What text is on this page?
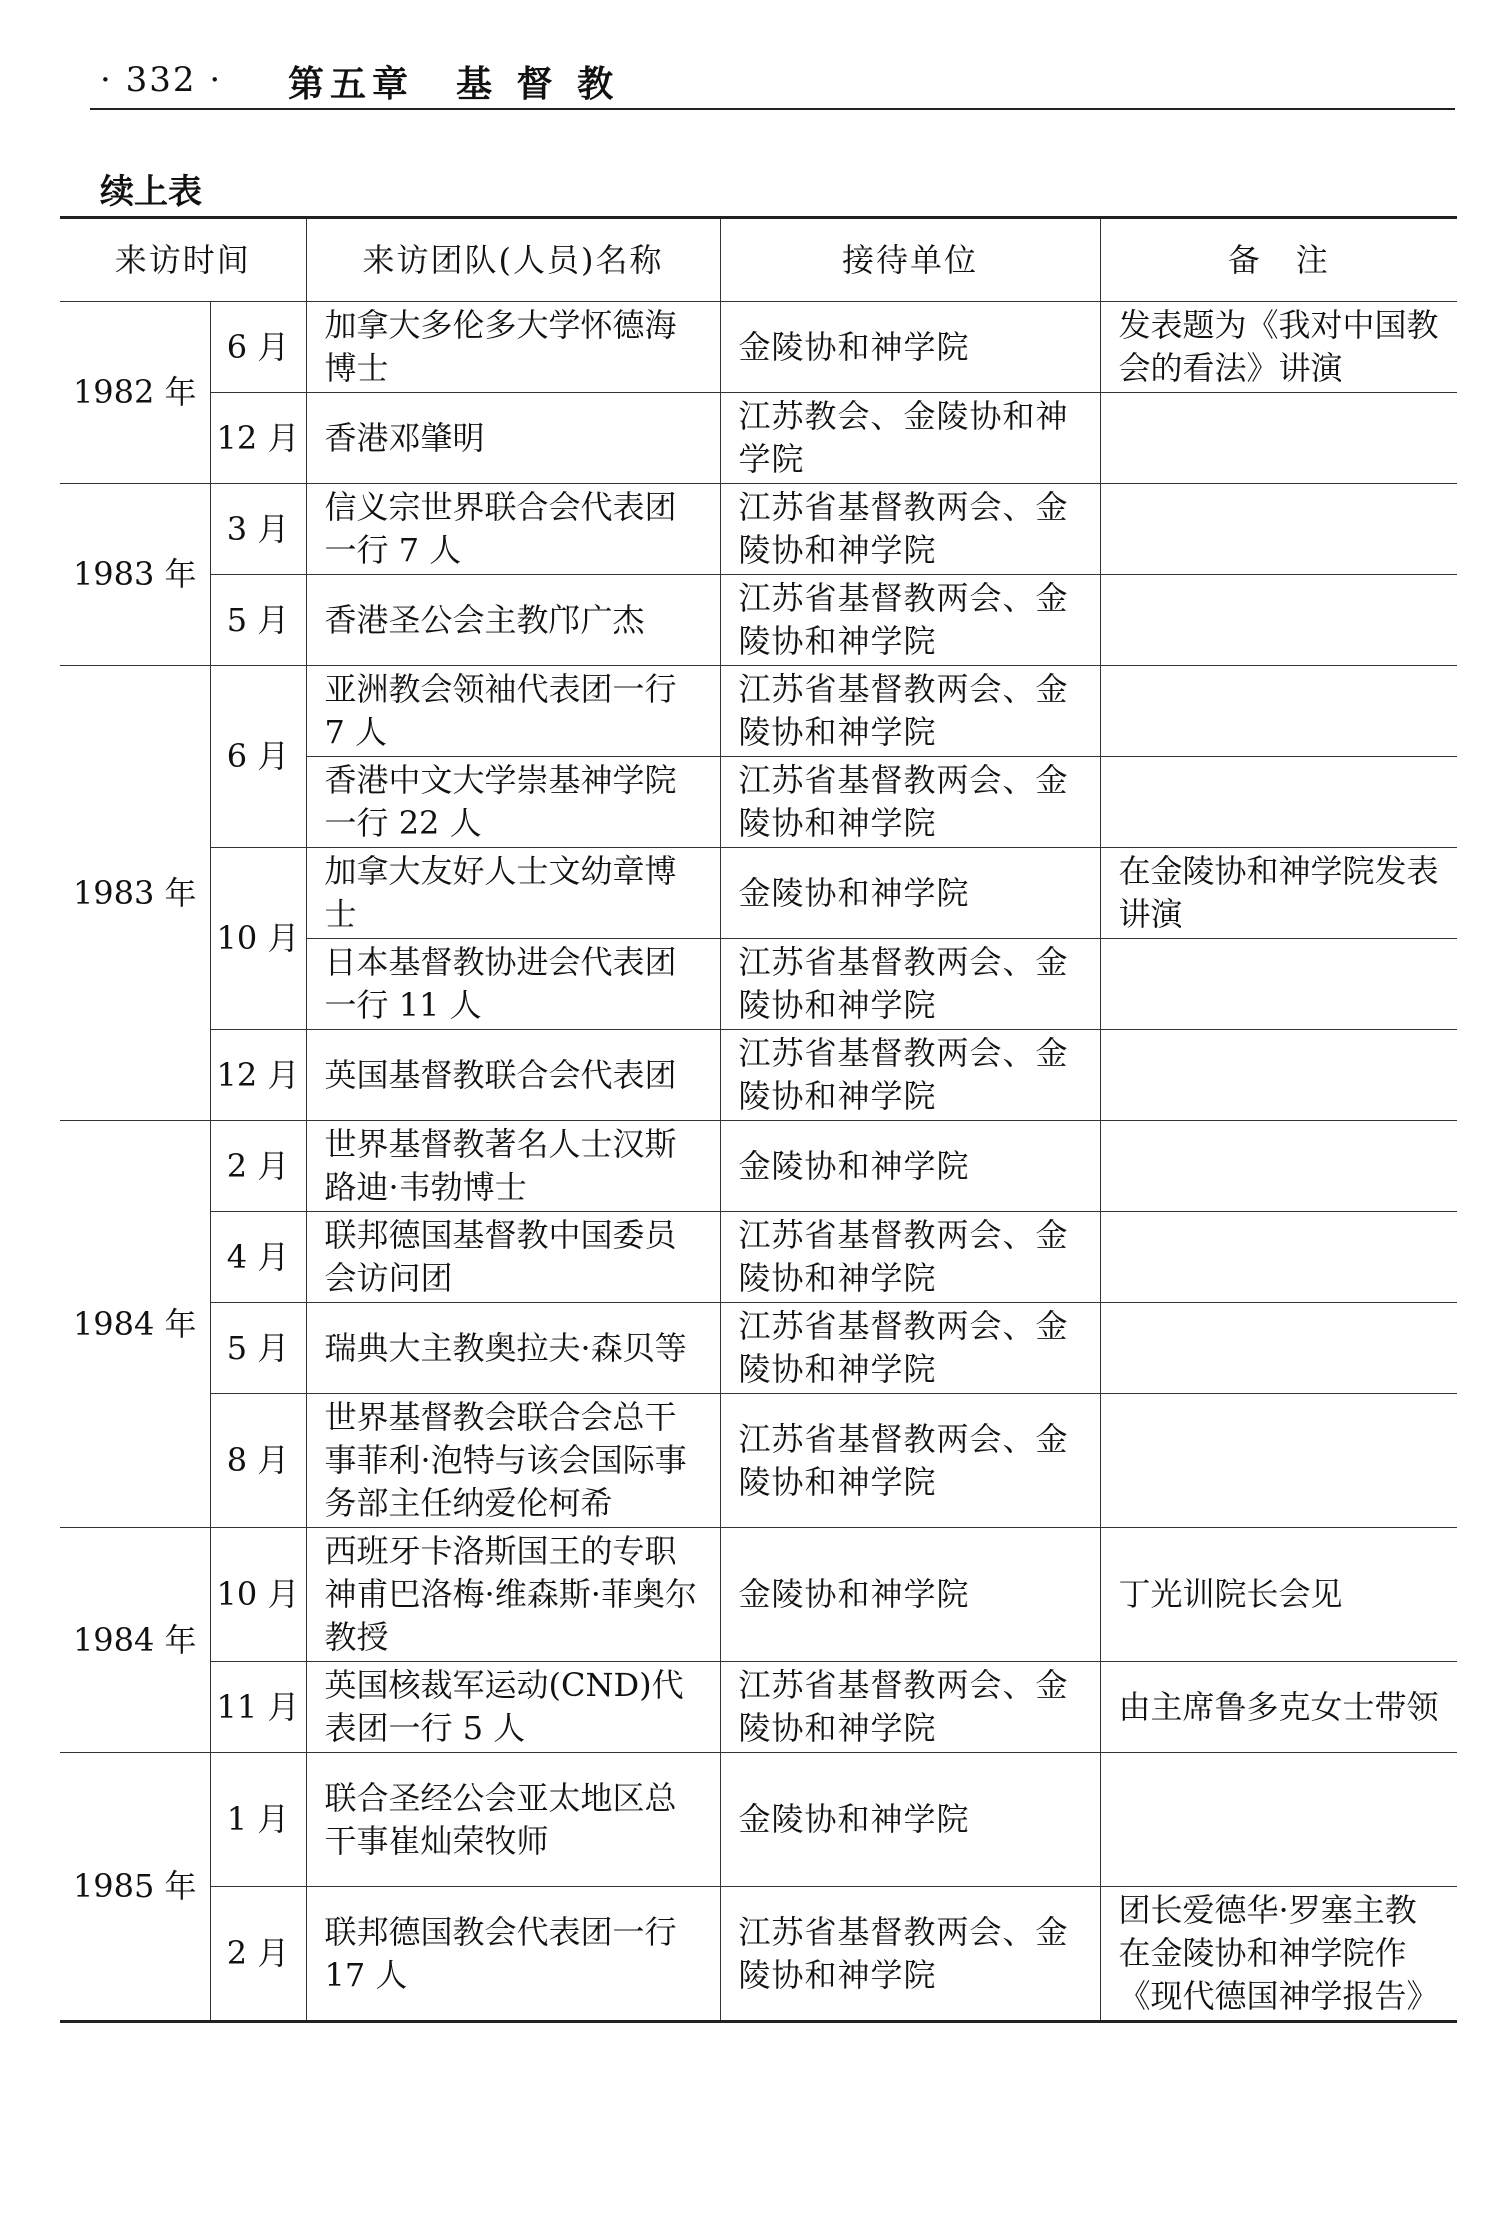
· 332 · 第五章　基 督 教
续上表
来访时间		来访团队(人员)名称	接待单位	备　注
1982 年	6 月	加拿大多伦多大学怀德海博士	金陵协和神学院	发表题为《我对中国教会的看法》讲演
	12 月	香港邓肇明	江苏教会、金陵协和神学院	
1983 年	3 月	信义宗世界联合会代表团一行 7 人	江苏省基督教两会、金陵协和神学院	
	5 月	香港圣公会主教邝广杰	江苏省基督教两会、金陵协和神学院	
1983 年	6 月	亚洲教会领袖代表团一行 7 人	江苏省基督教两会、金陵协和神学院	
		香港中文大学崇基神学院一行 22 人	江苏省基督教两会、金陵协和神学院	
	10 月	加拿大友好人士文幼章博士	金陵协和神学院	在金陵协和神学院发表讲演
		日本基督教协进会代表团一行 11 人	江苏省基督教两会、金陵协和神学院	
	12 月	英国基督教联合会代表团	江苏省基督教两会、金陵协和神学院	
1984 年	2 月	世界基督教著名人士汉斯路迪·韦勃博士	金陵协和神学院	
	4 月	联邦德国基督教中国委员会访问团	江苏省基督教两会、金陵协和神学院	
	5 月	瑞典大主教奥拉夫·森贝等	江苏省基督教两会、金陵协和神学院	
	8 月	世界基督教会联合会总干事菲利·泡特与该会国际事务部主任纳爱伦柯希	江苏省基督教两会、金陵协和神学院	
1984 年	10 月	西班牙卡洛斯国王的专职神甫巴洛梅·维森斯·菲奥尔教授	金陵协和神学院	丁光训院长会见
	11 月	英国核裁军运动(CND)代表团一行 5 人	江苏省基督教两会、金陵协和神学院	由主席鲁多克女士带领
1985 年	1 月	联合圣经公会亚太地区总干事崔灿荣牧师	金陵协和神学院	
	2 月	联邦德国教会代表团一行 17 人	江苏省基督教两会、金陵协和神学院	团长爱德华·罗塞主教在金陵协和神学院作《现代德国神学报告》
